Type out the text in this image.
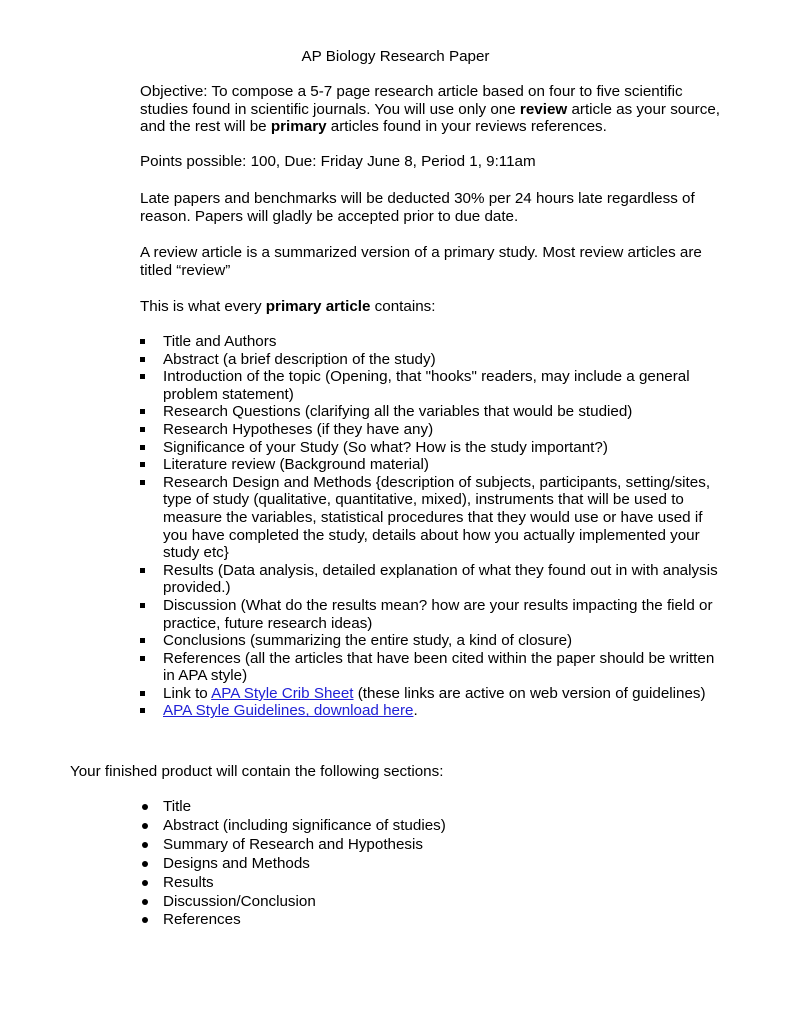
AP Biology Research Paper
Objective: To compose a 5-7 page research article based on four to five scientific studies found in scientific journals. You will use only one review article as your source, and the rest will be primary articles found in your reviews references.
Points possible: 100, Due: Friday June 8, Period 1, 9:11am
Late papers and benchmarks will be deducted 30% per 24 hours late regardless of reason. Papers will gladly be accepted prior to due date.
A review article is a summarized version of a primary study. Most review articles are titled “review”
This is what every primary article contains:
Title and Authors
Abstract (a brief description of the study)
Introduction of the topic (Opening, that "hooks" readers, may include a general problem statement)
Research Questions (clarifying all the variables that would be studied)
Research Hypotheses (if they have any)
Significance of your Study (So what? How is the study important?)
Literature review (Background material)
Research Design and Methods {description of subjects, participants, setting/sites, type of study (qualitative, quantitative, mixed), instruments that will be used to measure the variables, statistical procedures that they would use or have used if you have completed the study, details about how you actually implemented your study etc}
Results (Data analysis, detailed explanation of what they found out in with analysis provided.)
Discussion (What do the results mean? how are your results impacting the field or practice, future research ideas)
Conclusions (summarizing the entire study, a kind of closure)
References (all the articles that have been cited within the paper should be written in APA style)
Link to APA Style Crib Sheet (these links are active on web version of guidelines)
APA Style Guidelines, download here.
Your finished product will contain the following sections:
Title
Abstract (including significance of studies)
Summary of Research and Hypothesis
Designs and Methods
Results
Discussion/Conclusion
References
